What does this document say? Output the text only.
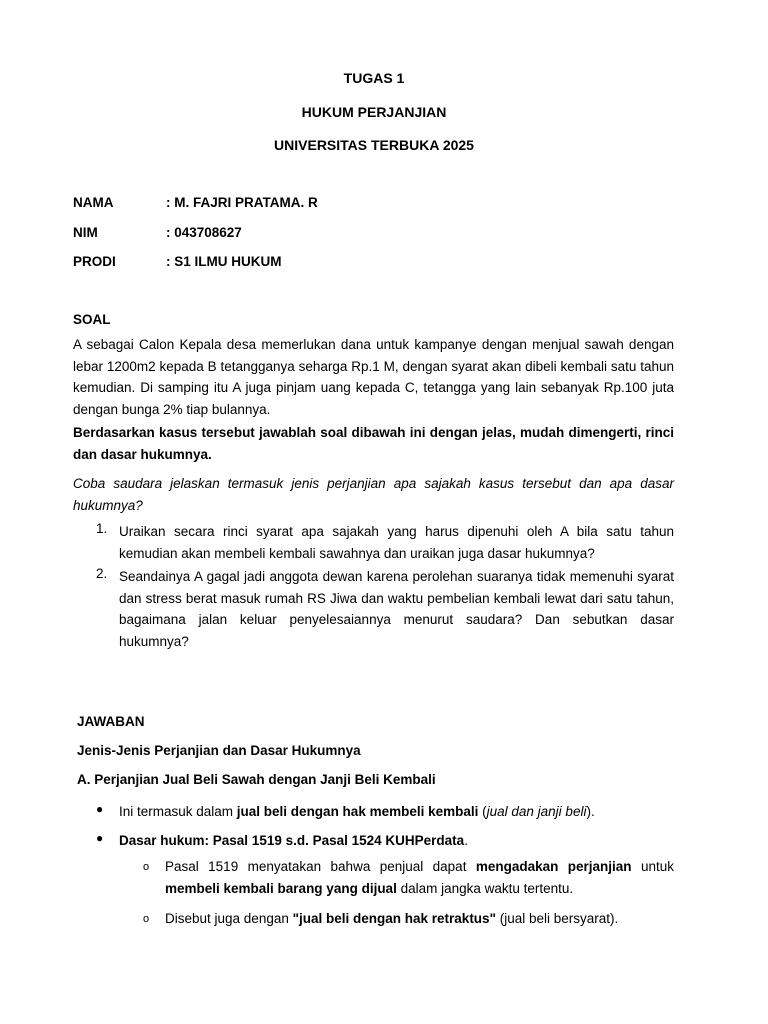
TUGAS 1
HUKUM PERJANJIAN
UNIVERSITAS TERBUKA 2025
NAMA	: M. FAJRI PRATAMA. R
NIM	: 043708627
PRODI	: S1 ILMU HUKUM
SOAL
A sebagai Calon Kepala desa memerlukan dana untuk kampanye dengan menjual sawah dengan lebar 1200m2 kepada B tetangganya seharga Rp.1 M, dengan syarat akan dibeli kembali satu tahun kemudian. Di samping itu A juga pinjam uang kepada C, tetangga yang lain sebanyak Rp.100 juta dengan bunga 2% tiap bulannya.
Berdasarkan kasus tersebut jawablah soal dibawah ini dengan jelas, mudah dimengerti, rinci dan dasar hukumnya.
Coba saudara jelaskan termasuk jenis perjanjian apa sajakah kasus tersebut dan apa dasar hukumnya?
1. Uraikan secara rinci syarat apa sajakah yang harus dipenuhi oleh A bila satu tahun kemudian akan membeli kembali sawahnya dan uraikan juga dasar hukumnya?
2. Seandainya A gagal jadi anggota dewan karena perolehan suaranya tidak memenuhi syarat dan stress berat masuk rumah RS Jiwa dan waktu pembelian kembali lewat dari satu tahun, bagaimana jalan keluar penyelesaiannya menurut saudara? Dan sebutkan dasar hukumnya?
JAWABAN
Jenis-Jenis Perjanjian dan Dasar Hukumnya
A. Perjanjian Jual Beli Sawah dengan Janji Beli Kembali
● Ini termasuk dalam jual beli dengan hak membeli kembali (jual dan janji beli).
● Dasar hukum: Pasal 1519 s.d. Pasal 1524 KUHPerdata.
o Pasal 1519 menyatakan bahwa penjual dapat mengadakan perjanjian untuk membeli kembali barang yang dijual dalam jangka waktu tertentu.
o Disebut juga dengan "jual beli dengan hak retraktus" (jual beli bersyarat).
